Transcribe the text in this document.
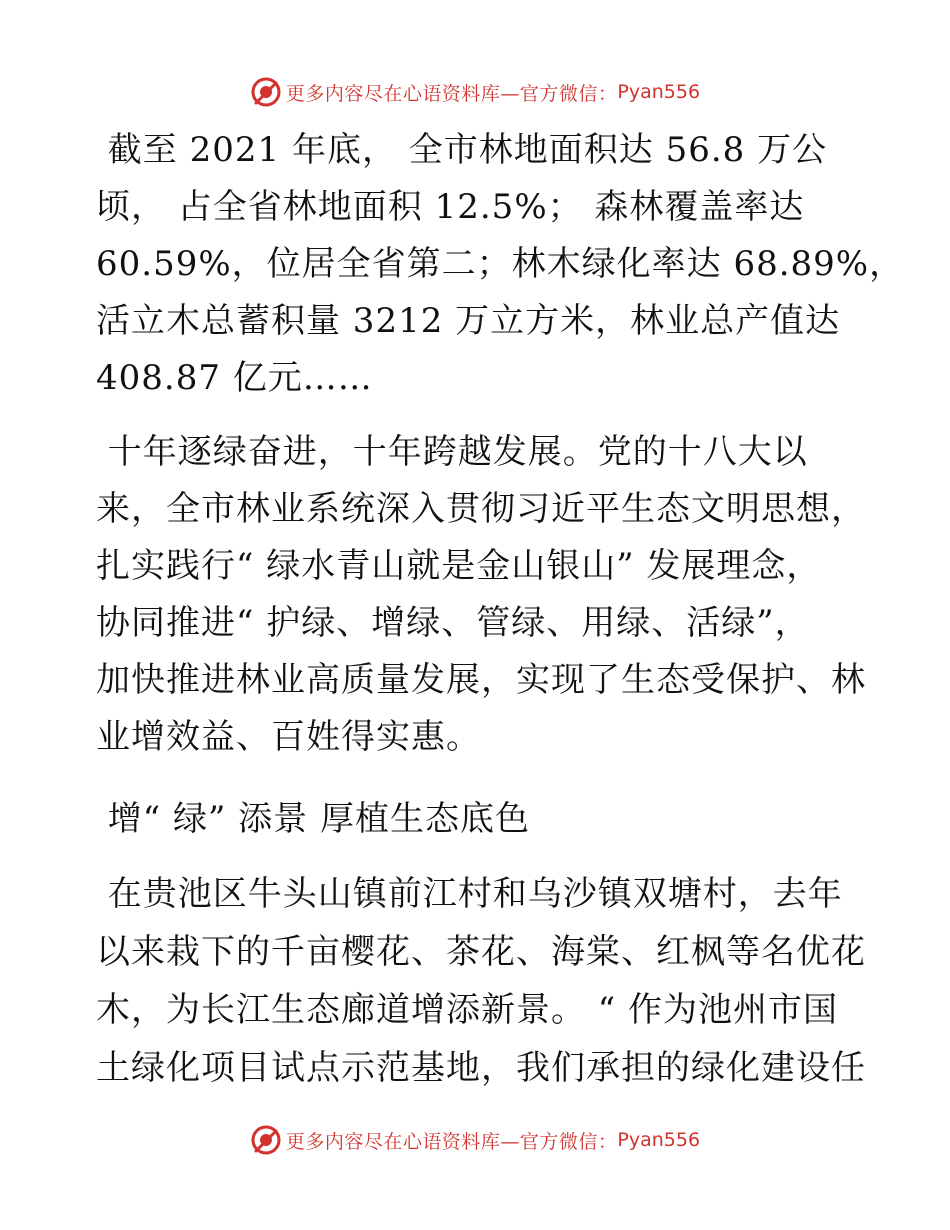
更多内容尽在心语资料库—官方微信： Pyan556
截至 2021 年底， 全市林地面积达 56.8 万公
顷， 占全省林地面积 12.5%； 森林覆盖率达
60.59%，位居全省第二；林木绿化率达 68.89%，
活立木总蓄积量 3212 万立方米，林业总产值达
408.87 亿元……
十年逐绿奋进，十年跨越发展。党的十八大以
来，全市林业系统深入贯彻习近平生态文明思想，
扎实践行“ 绿水青山就是金山银山” 发展理念，
协同推进“ 护绿、增绿、管绿、用绿、活绿”，
加快推进林业高质量发展，实现了生态受保护、林
业增效益、百姓得实惠。
增“ 绿” 添景 厚植生态底色
在贵池区牛头山镇前江村和乌沙镇双塘村，去年
以来栽下的千亩樱花、茶花、海棠、红枫等名优花
木，为长江生态廊道增添新景。 “ 作为池州市国
土绿化项目试点示范基地，我们承担的绿化建设任
更多内容尽在心语资料库—官方微信： Pyan556
